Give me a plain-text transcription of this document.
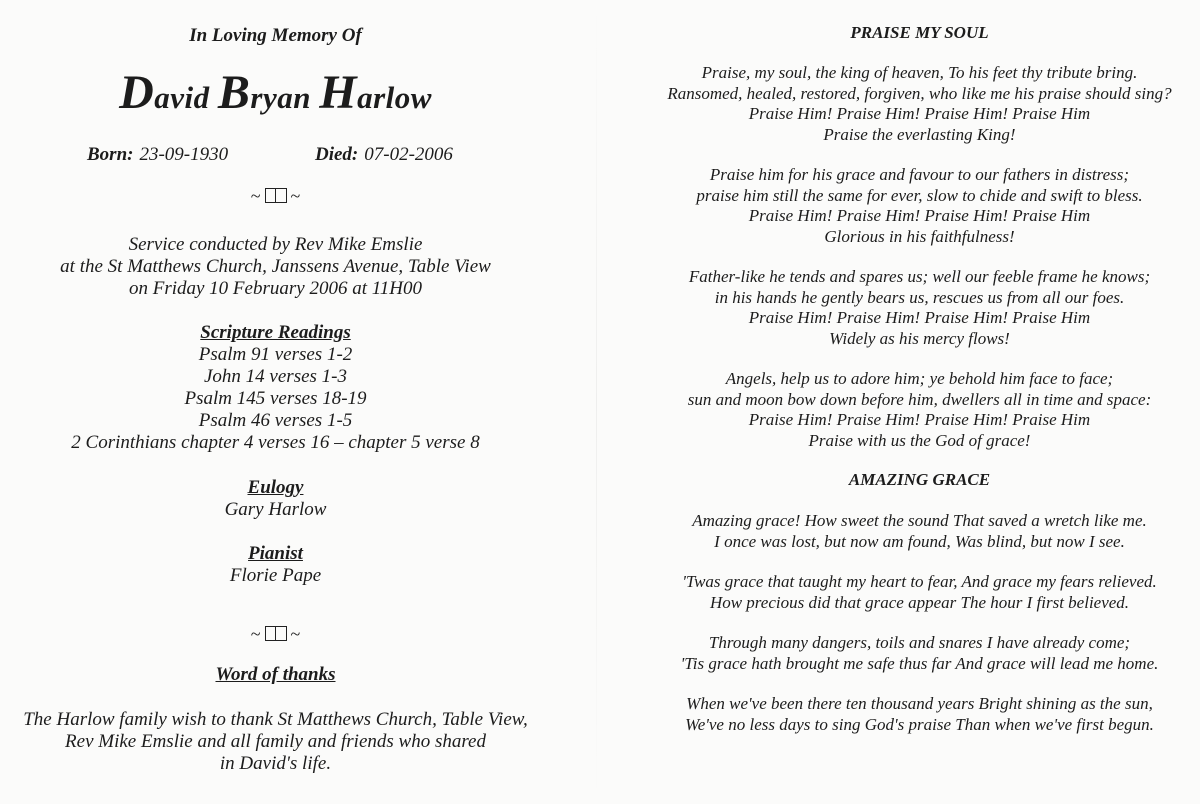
In Loving Memory Of
David Bryan Harlow
Born: 23-09-1930	Died: 07-02-2006
~ ~
Service conducted by Rev Mike Emslie
at the St Matthews Church, Janssens Avenue, Table View
on Friday 10 February 2006 at 11H00
Scripture Readings
Psalm 91 verses 1-2
John 14 verses 1-3
Psalm 145 verses 18-19
Psalm 46 verses 1-5
2 Corinthians chapter 4 verses 16 – chapter 5 verse 8
Eulogy
Gary Harlow
Pianist
Florie Pape
~ ~
Word of thanks
The Harlow family wish to thank St Matthews Church, Table View,
Rev Mike Emslie and all family and friends who shared
in David's life.
PRAISE MY SOUL
Praise, my soul, the king of heaven, To his feet thy tribute bring.
Ransomed, healed, restored, forgiven, who like me his praise should sing?
Praise Him! Praise Him! Praise Him! Praise Him
Praise the everlasting King!
Praise him for his grace and favour to our fathers in distress;
praise him still the same for ever, slow to chide and swift to bless.
Praise Him! Praise Him! Praise Him! Praise Him
Glorious in his faithfulness!
Father-like he tends and spares us; well our feeble frame he knows;
in his hands he gently bears us, rescues us from all our foes.
Praise Him! Praise Him! Praise Him! Praise Him
Widely as his mercy flows!
Angels, help us to adore him; ye behold him face to face;
sun and moon bow down before him, dwellers all in time and space:
Praise Him! Praise Him! Praise Him! Praise Him
Praise with us the God of grace!
AMAZING GRACE
Amazing grace! How sweet the sound That saved a wretch like me.
I once was lost, but now am found, Was blind, but now I see.
'Twas grace that taught my heart to fear, And grace my fears relieved.
How precious did that grace appear The hour I first believed.
Through many dangers, toils and snares I have already come;
'Tis grace hath brought me safe thus far And grace will lead me home.
When we've been there ten thousand years Bright shining as the sun,
We've no less days to sing God's praise Than when we've first begun.
